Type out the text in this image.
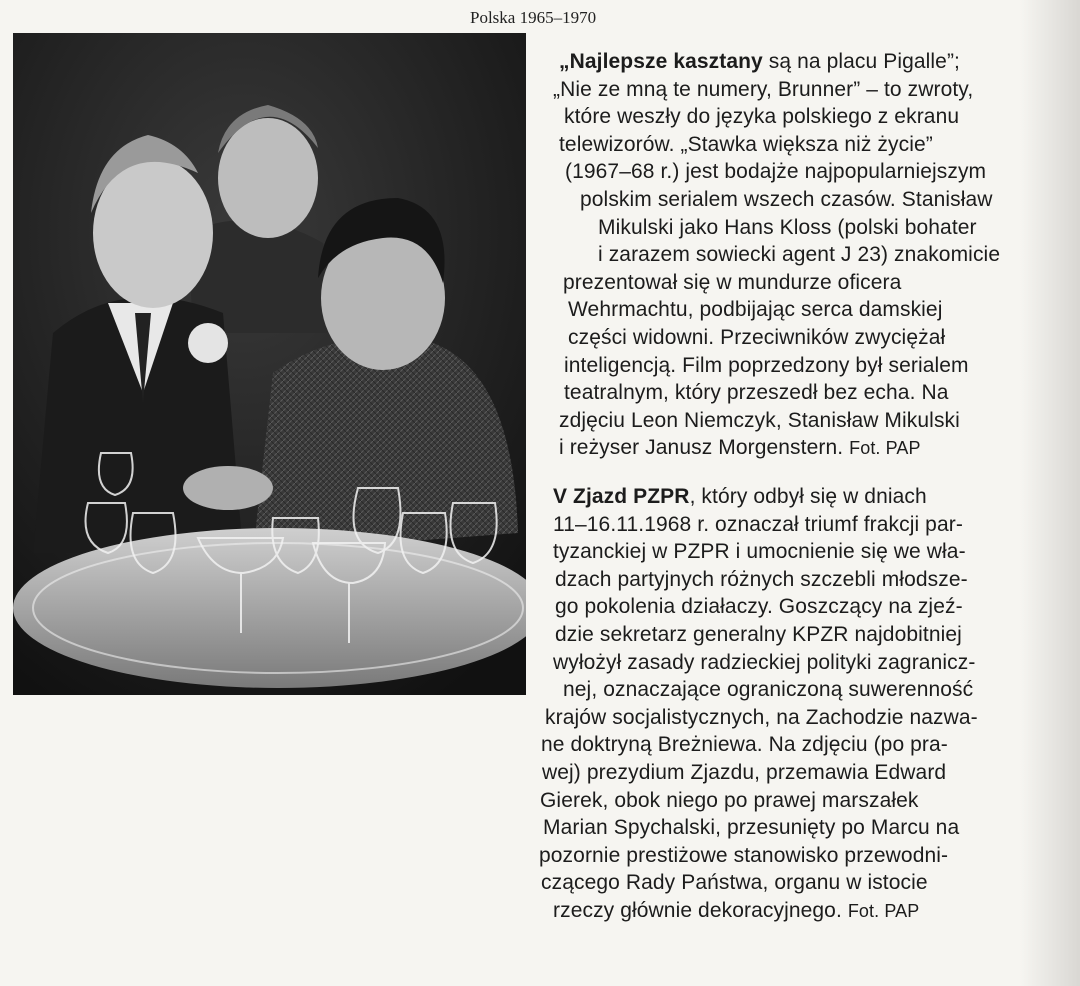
Polska 1965–1970
„Najlepsze kasztany są na placu Pigalle”;
„Nie ze mną te numery, Brunner” – to zwroty,
które weszły do języka polskiego z ekranu
telewizorów. „Stawka większa niż życie”
(1967–68 r.) jest bodajże najpopularniejszym
polskim serialem wszech czasów. Stanisław
Mikulski jako Hans Kloss (polski bohater
i zarazem sowiecki agent J 23) znakomicie
prezentował się w mundurze oficera
Wehrmachtu, podbijając serca damskiej
części widowni. Przeciwników zwyciężał
inteligencją. Film poprzedzony był serialem
teatralnym, który przeszedł bez echa. Na
zdjęciu Leon Niemczyk, Stanisław Mikulski
i reżyser Janusz Morgenstern. Fot. PAP
V Zjazd PZPR, który odbył się w dniach
11–16.11.1968 r. oznaczał triumf frakcji par-
tyzanckiej w PZPR i umocnienie się we wła-
dzach partyjnych różnych szczebli młodsze-
go pokolenia działaczy. Goszczący na zjeź-
dzie sekretarz generalny KPZR najdobitniej
wyłożył zasady radzieckiej polityki zagranicz-
nej, oznaczające ograniczoną suwerenność
krajów socjalistycznych, na Zachodzie nazwa-
ne doktryną Breżniewa. Na zdjęciu (po pra-
wej) prezydium Zjazdu, przemawia Edward
Gierek, obok niego po prawej marszałek
Marian Spychalski, przesunięty po Marcu na
pozornie prestiżowe stanowisko przewodni-
czącego Rady Państwa, organu w istocie
rzeczy głównie dekoracyjnego. Fot. PAP
